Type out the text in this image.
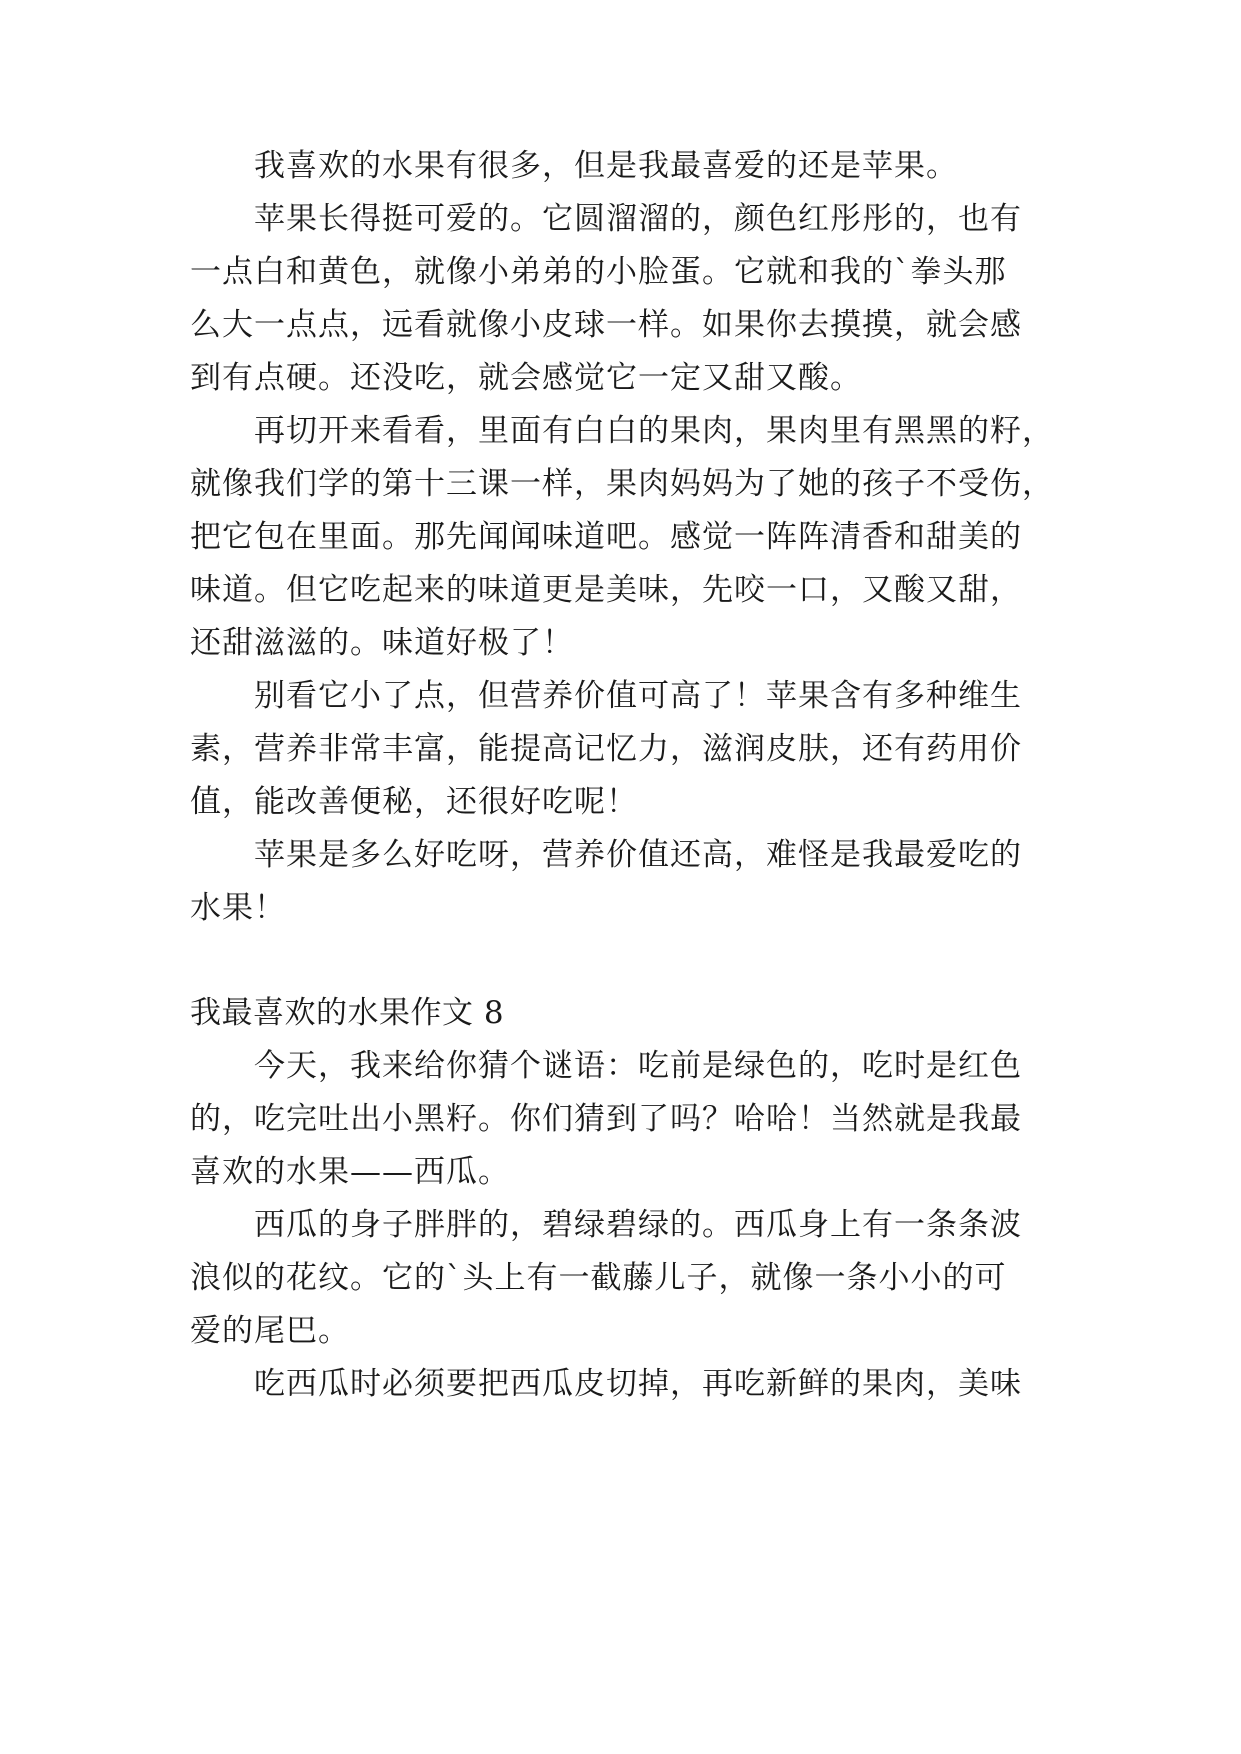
我喜欢的水果有很多，但是我最喜爱的还是苹果。
苹果长得挺可爱的。它圆溜溜的，颜色红彤彤的，也有
一点白和黄色，就像小弟弟的小脸蛋。它就和我的`拳头那
么大一点点，远看就像小皮球一样。如果你去摸摸，就会感
到有点硬。还没吃，就会感觉它一定又甜又酸。
再切开来看看，里面有白白的果肉，果肉里有黑黑的籽，
就像我们学的第十三课一样，果肉妈妈为了她的孩子不受伤，
把它包在里面。那先闻闻味道吧。感觉一阵阵清香和甜美的
味道。但它吃起来的味道更是美味，先咬一口，又酸又甜，
还甜滋滋的。味道好极了！
别看它小了点，但营养价值可高了！苹果含有多种维生
素，营养非常丰富，能提高记忆力，滋润皮肤，还有药用价
值，能改善便秘，还很好吃呢！
苹果是多么好吃呀，营养价值还高，难怪是我最爱吃的
水果！
我最喜欢的水果作文 8
今天，我来给你猜个谜语：吃前是绿色的，吃时是红色
的，吃完吐出小黑籽。你们猜到了吗？哈哈！当然就是我最
喜欢的水果——西瓜。
西瓜的身子胖胖的，碧绿碧绿的。西瓜身上有一条条波
浪似的花纹。它的`头上有一截藤儿子，就像一条小小的可
爱的尾巴。
吃西瓜时必须要把西瓜皮切掉，再吃新鲜的果肉，美味
